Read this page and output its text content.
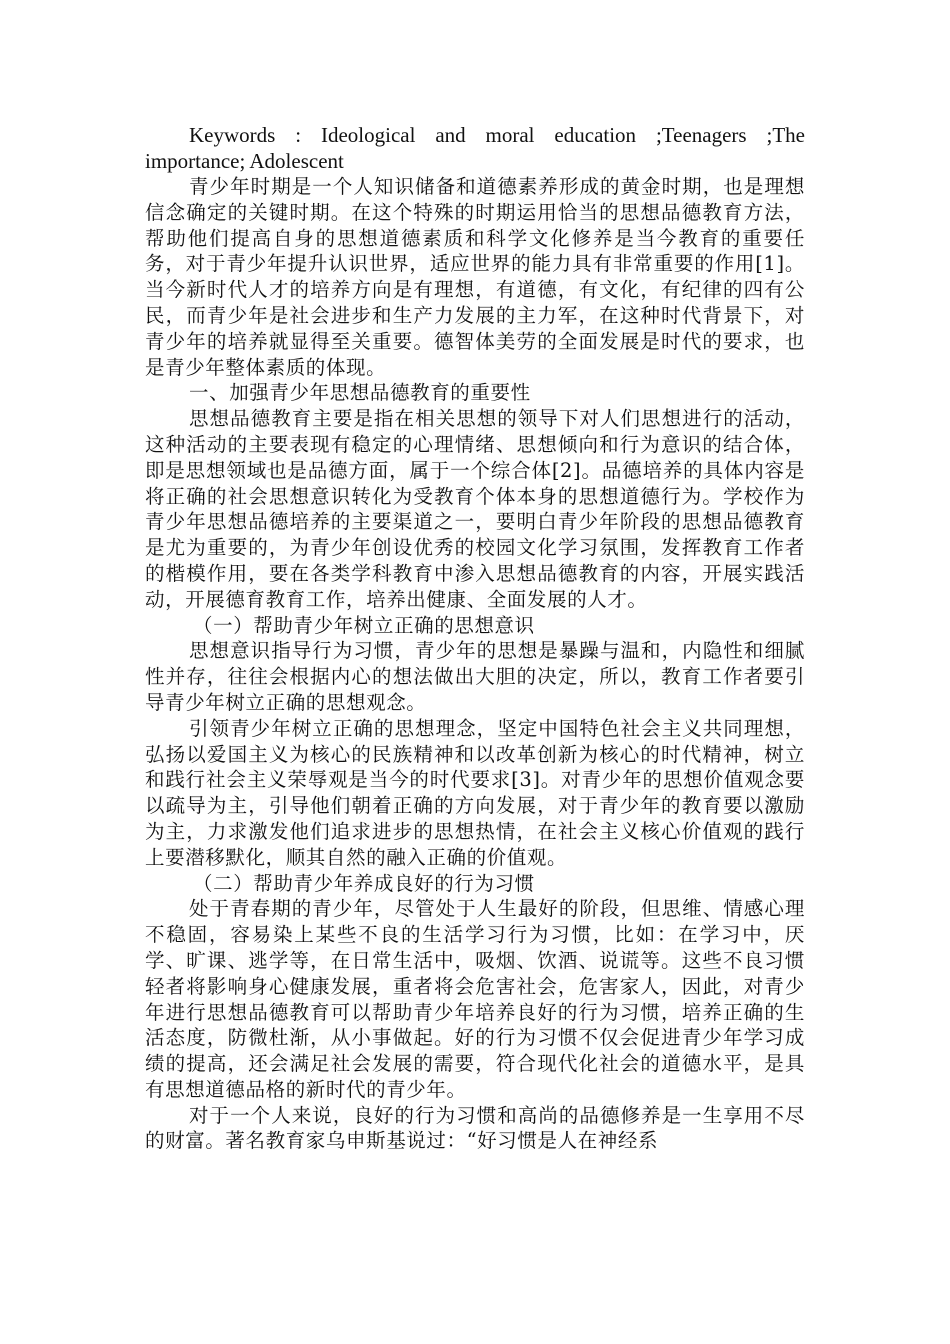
Keywords : Ideological and moral education ;Teenagers ;The importance; Adolescent

青少年时期是一个人知识储备和道德素养形成的黄金时期，也是理想信念确定的关键时期。在这个特殊的时期运用恰当的思想品德教育方法，帮助他们提高自身的思想道德素质和科学文化修养是当今教育的重要任务，对于青少年提升认识世界，适应世界的能力具有非常重要的作用[1]。当今新时代人才的培养方向是有理想，有道德，有文化，有纪律的四有公民，而青少年是社会进步和生产力发展的主力军，在这种时代背景下，对青少年的培养就显得至关重要。德智体美劳的全面发展是时代的要求，也是青少年整体素质的体现。

一、加强青少年思想品德教育的重要性

思想品德教育主要是指在相关思想的领导下对人们思想进行的活动，这种活动的主要表现有稳定的心理情绪、思想倾向和行为意识的结合体，即是思想领域也是品德方面，属于一个综合体[2]。品德培养的具体内容是将正确的社会思想意识转化为受教育个体本身的思想道德行为。学校作为青少年思想品德培养的主要渠道之一，要明白青少年阶段的思想品德教育是尤为重要的，为青少年创设优秀的校园文化学习氛围，发挥教育工作者的楷模作用，要在各类学科教育中渗入思想品德教育的内容，开展实践活动，开展德育教育工作，培养出健康、全面发展的人才。

（一）帮助青少年树立正确的思想意识

思想意识指导行为习惯，青少年的思想是暴躁与温和，内隐性和细腻性并存，往往会根据内心的想法做出大胆的决定，所以，教育工作者要引导青少年树立正确的思想观念。

引领青少年树立正确的思想理念，坚定中国特色社会主义共同理想，弘扬以爱国主义为核心的民族精神和以改革创新为核心的时代精神，树立和践行社会主义荣辱观是当今的时代要求[3]。对青少年的思想价值观念要以疏导为主，引导他们朝着正确的方向发展，对于青少年的教育要以激励为主，力求激发他们追求进步的思想热情，在社会主义核心价值观的践行上要潜移默化，顺其自然的融入正确的价值观。

（二）帮助青少年养成良好的行为习惯

处于青春期的青少年，尽管处于人生最好的阶段，但思维、情感心理不稳固，容易染上某些不良的生活学习行为习惯，比如：在学习中，厌学、旷课、逃学等，在日常生活中，吸烟、饮酒、说谎等。这些不良习惯轻者将影响身心健康发展，重者将会危害社会，危害家人，因此，对青少年进行思想品德教育可以帮助青少年培养良好的行为习惯，培养正确的生活态度，防微杜渐，从小事做起。好的行为习惯不仅会促进青少年学习成绩的提高，还会满足社会发展的需要，符合现代化社会的道德水平，是具有思想道德品格的新时代的青少年。

对于一个人来说，良好的行为习惯和高尚的品德修养是一生享用不尽的财富。著名教育家乌申斯基说过：“好习惯是人在神经系
